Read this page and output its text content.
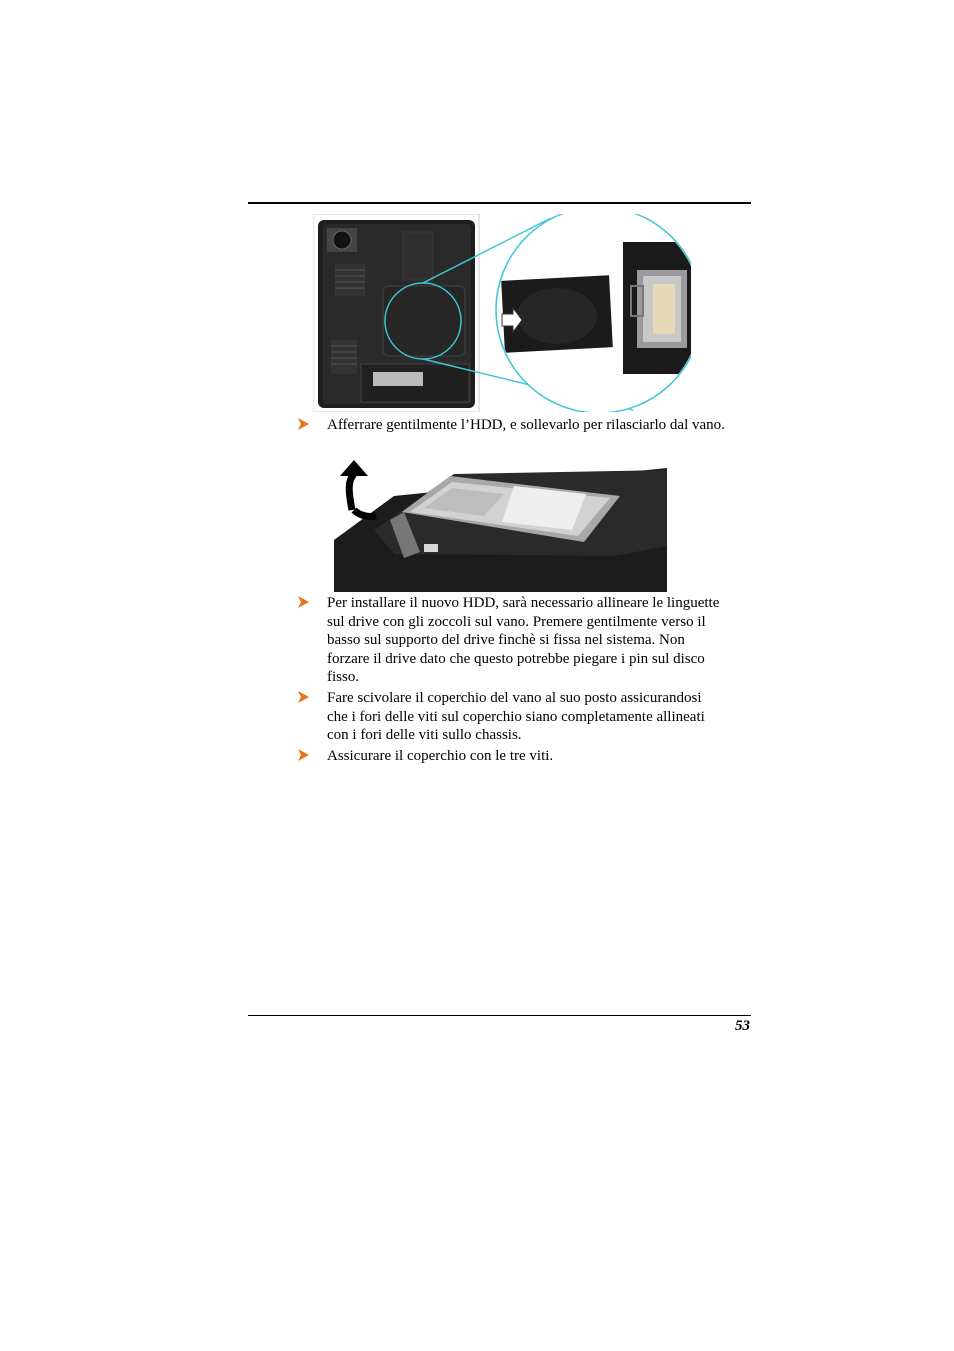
Afferrare gentilmente l’HDD, e sollevarlo per rilasciarlo dal vano.
Per installare il nuovo HDD, sarà necessario allineare le linguette
sul drive con gli zoccoli sul vano. Premere gentilmente verso il
basso sul supporto del drive finchè si fissa nel sistema. Non
forzare il drive dato che questo potrebbe piegare i pin sul disco
fisso.
Fare scivolare il coperchio del vano al suo posto assicurandosi
che i fori delle viti sul coperchio siano completamente allineati
con i fori delle viti sullo chassis.
Assicurare il coperchio con le tre viti.
53
